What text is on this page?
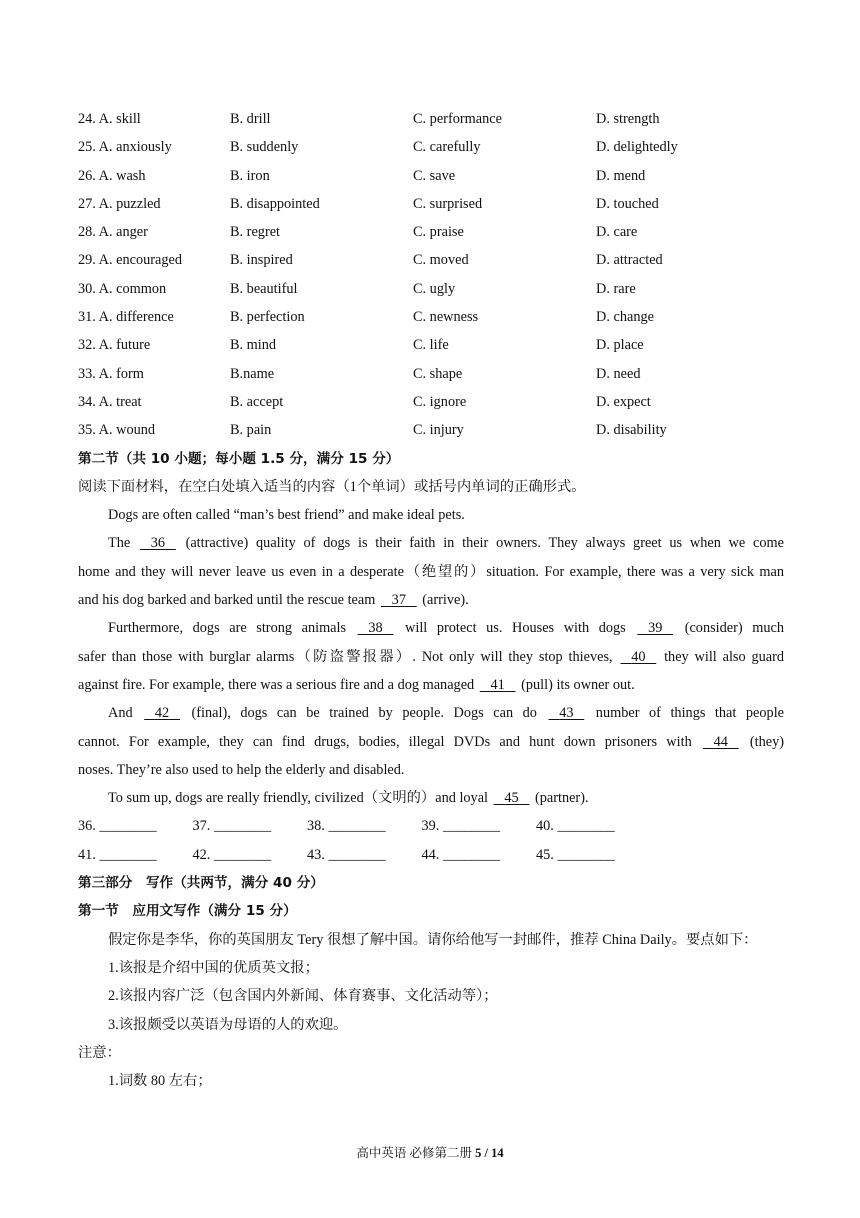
24. A. skill	B. drill	C. performance	D. strength
25. A. anxiously	B. suddenly	C. carefully	D. delightedly
26. A. wash	B. iron	C. save	D. mend
27. A. puzzled	B. disappointed	C. surprised	D. touched
28. A. anger	B. regret	C. praise	D. care
29. A. encouraged	B. inspired	C. moved	D. attracted
30. A. common	B. beautiful	C. ugly	D. rare
31. A. difference	B. perfection	C. newness	D. change
32. A. future	B. mind	C. life	D. place
33. A. form	B.name	C. shape	D. need
34. A. treat	B. accept	C. ignore	D. expect
35. A. wound	B. pain	C. injury	D. disability
第二节（共 10 小题；每小题 1.5 分，满分 15 分）
阅读下面材料，在空白处填入适当的内容（1个单词）或括号内单词的正确形式。
Dogs are often called “man’s best friend” and make ideal pets.
The 36 (attractive) quality of dogs is their faith in their owners. They always greet us when we come
home and they will never leave us even in a desperate（绝望的）situation. For example, there was a very sick man
and his dog barked and barked until the rescue team 37 (arrive).
Furthermore, dogs are strong animals 38 will protect us. Houses with dogs 39 (consider) much
safer than those with burglar alarms（防盗警报器）. Not only will they stop thieves, 40 they will also guard
against fire. For example, there was a serious fire and a dog managed 41 (pull) its owner out.
And 42 (final), dogs can be trained by people. Dogs can do 43 number of things that people
cannot. For example, they can find drugs, bodies, illegal DVDs and hunt down prisoners with 44 (they)
noses. They’re also used to help the elderly and disabled.
To sum up, dogs are really friendly, civilized（文明的）and loyal 45 (partner).
36. ________	37. ________	38. ________	39. ________	40. ________
41. ________	42. ________	43. ________	44. ________	45. ________
第三部分　写作（共两节，满分 40 分）
第一节　应用文写作（满分 15 分）
假定你是李华，你的英国朋友 Tery 很想了解中国。请你给他写一封邮件，推荐 China Daily。要点如下：
1.该报是介绍中国的优质英文报；
2.该报内容广泛（包含国内外新闻、体育赛事、文化活动等）；
3.该报颇受以英语为母语的人的欢迎。
注意：
1.词数 80 左右；
高中英语 必修第二册 5 / 14
